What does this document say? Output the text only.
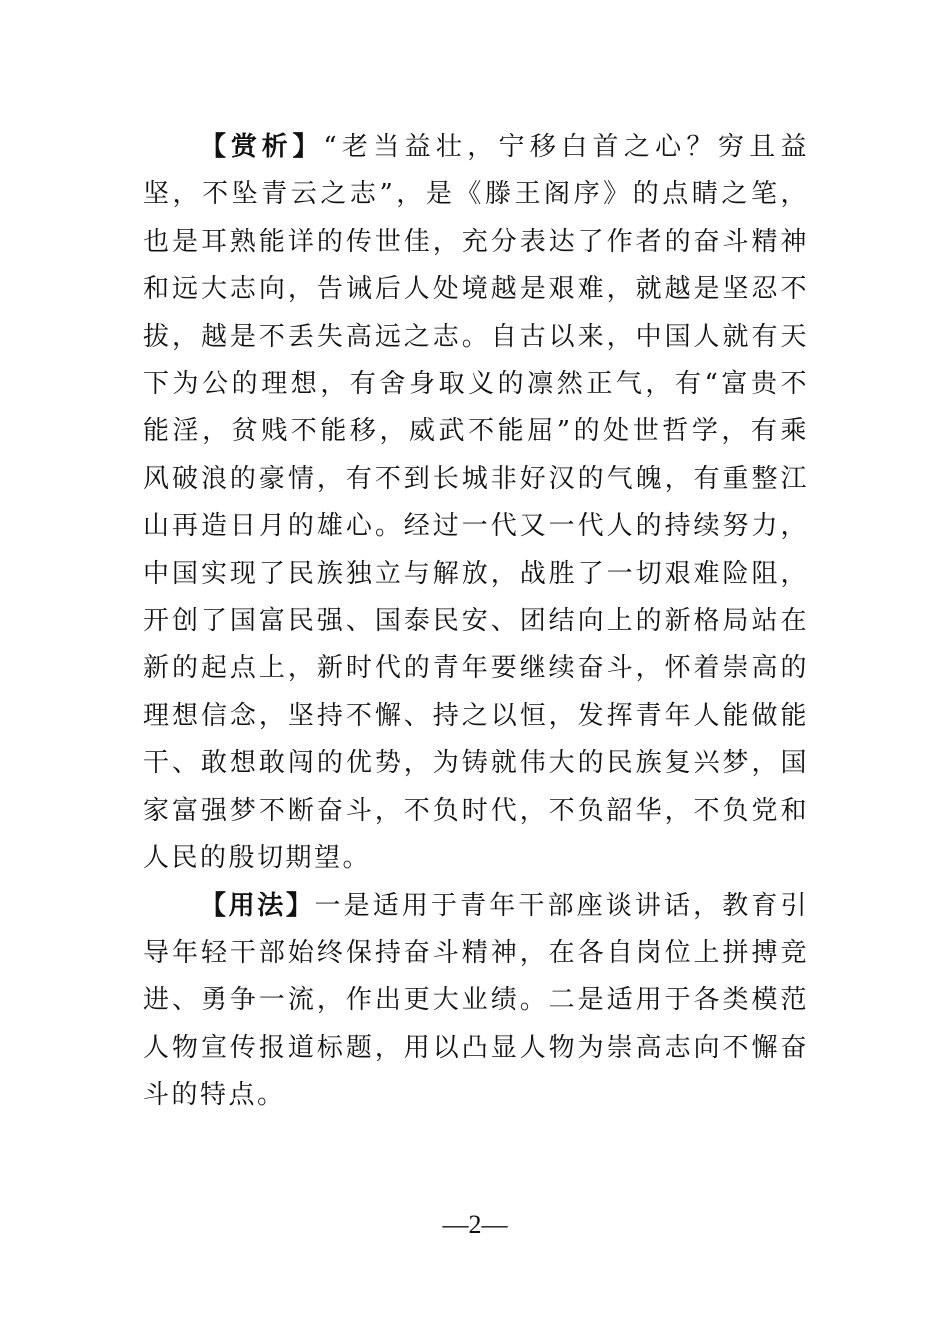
【赏析】“老当益壮，宁移白首之心？穷且益坚，不坠青云之志”，是《滕王阁序》的点睛之笔，也是耳熟能详的传世佳，充分表达了作者的奋斗精神和远大志向，告诫后人处境越是艰难，就越是坚忍不拔，越是不丢失高远之志。自古以来，中国人就有天下为公的理想，有舍身取义的凛然正气，有“富贵不能淫，贫贱不能移，威武不能屈”的处世哲学，有乘风破浪的豪情，有不到长城非好汉的气魄，有重整江山再造日月的雄心。经过一代又一代人的持续努力，中国实现了民族独立与解放，战胜了一切艰难险阻，开创了国富民强、国泰民安、团结向上的新格局站在新的起点上，新时代的青年要继续奋斗，怀着崇高的理想信念，坚持不懈、持之以恒，发挥青年人能做能干、敢想敢闯的优势，为铸就伟大的民族复兴梦，国家富强梦不断奋斗，不负时代，不负韶华，不负党和人民的殷切期望。

【用法】一是适用于青年干部座谈讲话，教育引导年轻干部始终保持奋斗精神，在各自岗位上拼搏竞进、勇争一流，作出更大业绩。二是适用于各类模范人物宣传报道标题，用以凸显人物为崇高志向不懈奋斗的特点。

—2—
